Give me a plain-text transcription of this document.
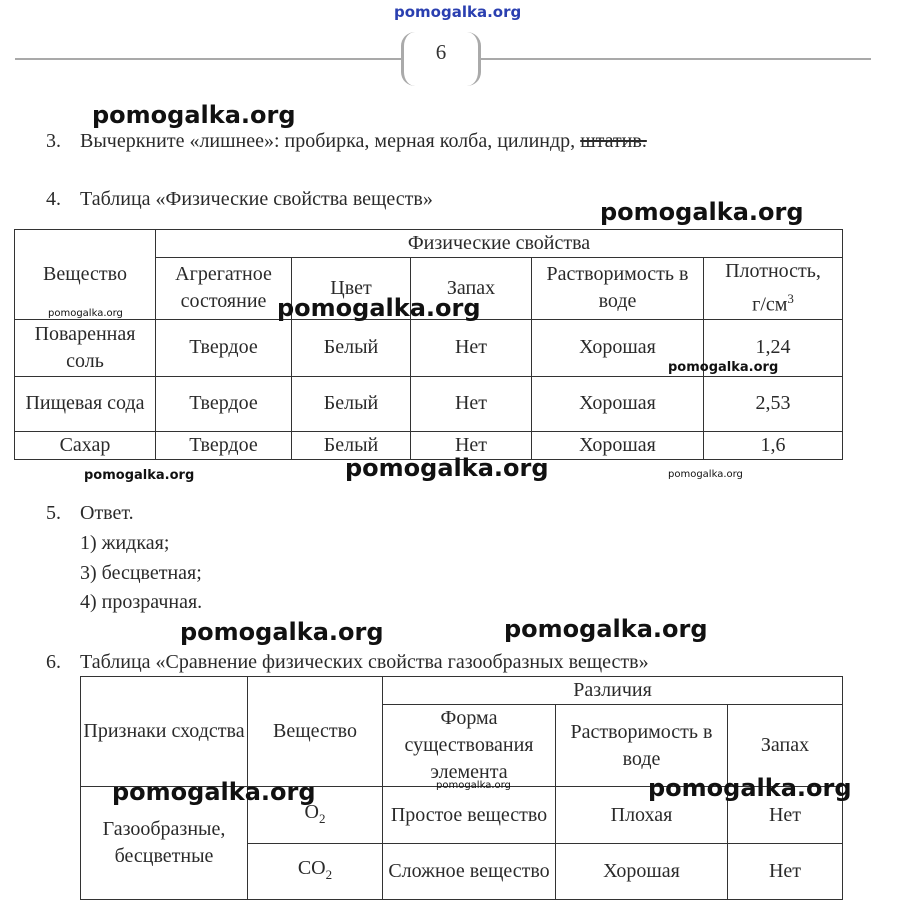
pomogalka.org
6
3. Вычеркните «лишнее»: пробирка, мерная колба, цилиндр, штатив.
4. Таблица «Физические свойства веществ»
Вещество	Физические свойства				
	Агрегатное состояние	Цвет	Запах	Растворимость в воде	Плотность,
$г/см^3$
Поваренная соль	Твердое	Белый	Нет	Хорошая	1,24
Пищевая сода	Твердое	Белый	Нет	Хорошая	2,53
Сахар	Твердое	Белый	Нет	Хорошая	1,6
5. Ответ.
1) жидкая;
3) бесцветная;
4) прозрачная.
6. Таблица «Сравнение физических свойства газообразных веществ»
Признаки сходства	Вещество	Различия		
		Форма существования элемента	Растворимость в воде	Запах
Газообразные, бесцветные	$O_2$	Простое вещество	Плохая	Нет
	$CO_2$	Сложное вещество	Хорошая	Нет
pomogalka.org
pomogalka.org
pomogalka.org	pomogalka.org
pomogalka.org
pomogalka.org
pomogalka.org	pomogalka.org
pomogalka.org	pomogalka.org
pomogalka.org
pomogalka.org	pomogalka.org
